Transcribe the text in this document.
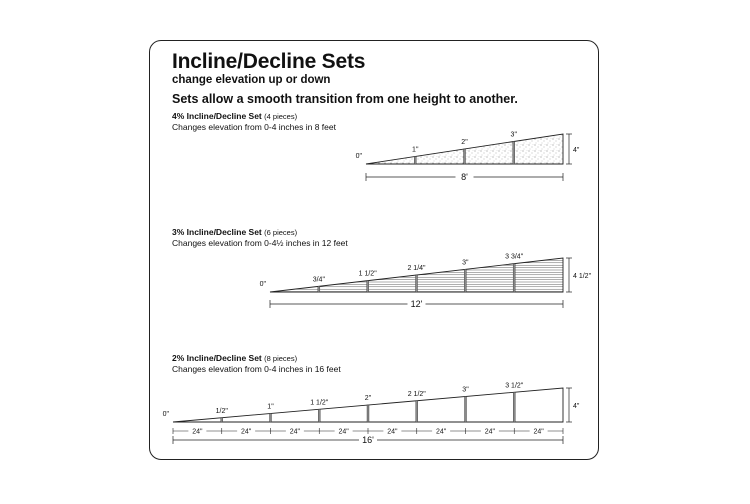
Incline/Decline Sets
change elevation up or down
Sets allow a smooth transition from one height to another.
4% Incline/Decline Set (4 pieces)
Changes elevation from 0-4 inches in 8 feet
3% Incline/Decline Set (6 pieces)
Changes elevation from 0-4½ inches in 12 feet
2% Incline/Decline Set (8 pieces)
Changes elevation from 0-4 inches in 16 feet
0"
1"
2"
3"
4"
8'
0"
3/4"
1 1/2"
2 1/4"
3"
3 3/4"
4 1/2"
12'
0"	1/2"
1"
1 1/2"
2"
2 1/2"
3"
3 1/2"
4"
24"	24"	24"	24"	24"	24"	24"	24"
16'
